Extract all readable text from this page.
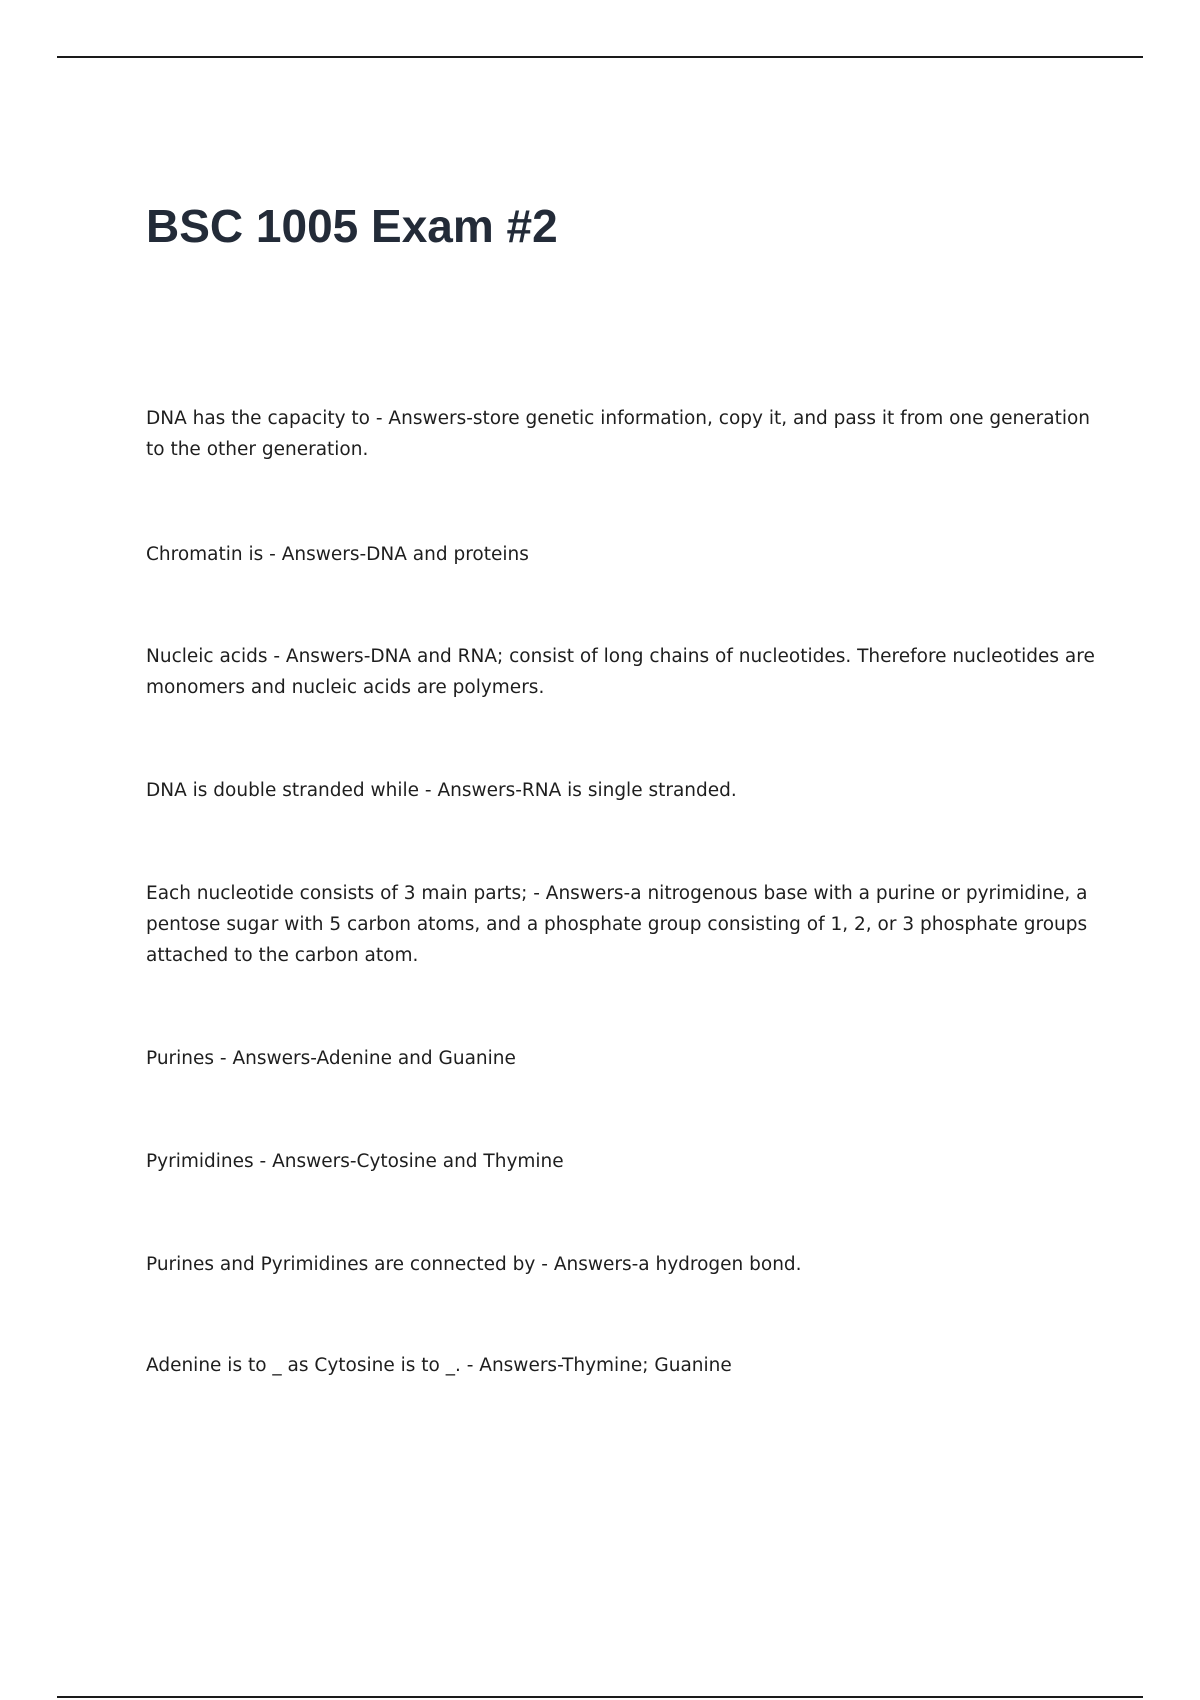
BSC 1005 Exam #2

DNA has the capacity to - Answers-store genetic information, copy it, and pass it from one generation to the other generation.

Chromatin is - Answers-DNA and proteins

Nucleic acids - Answers-DNA and RNA; consist of long chains of nucleotides. Therefore nucleotides are monomers and nucleic acids are polymers.

DNA is double stranded while - Answers-RNA is single stranded.

Each nucleotide consists of 3 main parts; - Answers-a nitrogenous base with a purine or pyrimidine, a pentose sugar with 5 carbon atoms, and a phosphate group consisting of 1, 2, or 3 phosphate groups attached to the carbon atom.

Purines - Answers-Adenine and Guanine

Pyrimidines - Answers-Cytosine and Thymine

Purines and Pyrimidines are connected by - Answers-a hydrogen bond.

Adenine is to _ as Cytosine is to _. - Answers-Thymine; Guanine
